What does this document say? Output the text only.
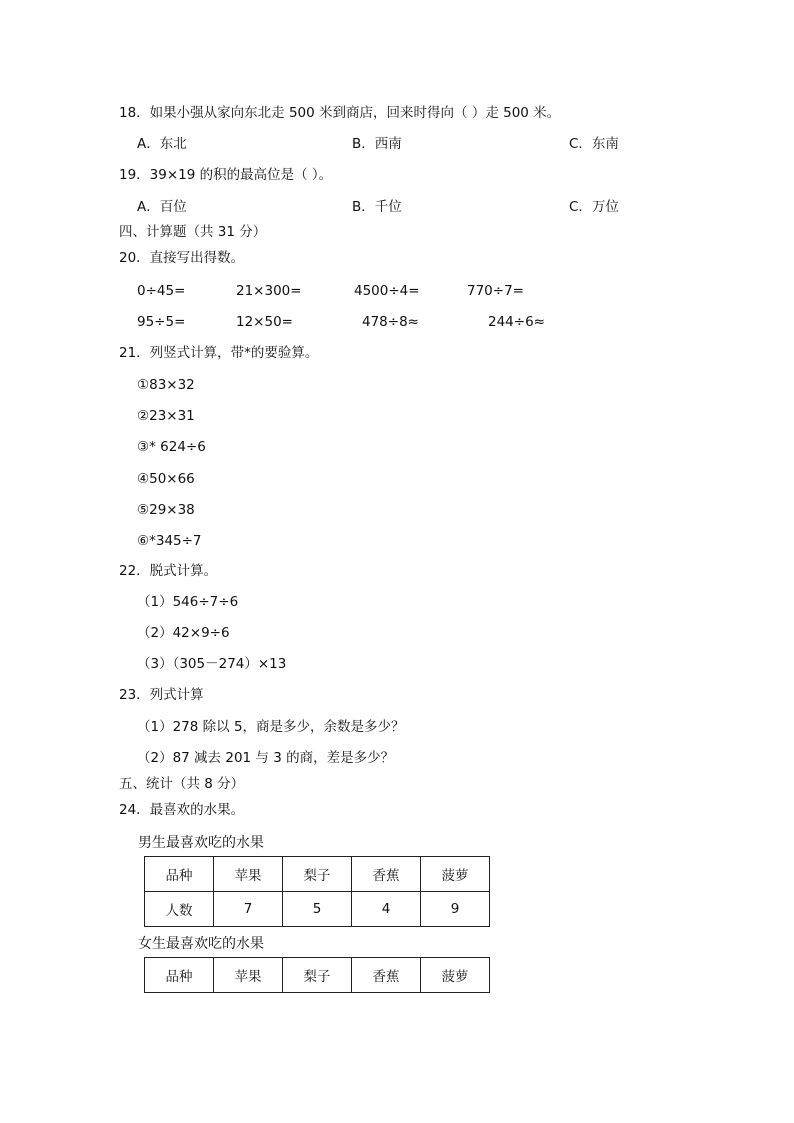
18．如果小强从家向东北走 500 米到商店，回来时得向（ ）走 500 米。
A．东北	B．西南	C．东南
19．39×19 的积的最高位是（ ）。
A．百位	B．千位	C．万位
四、计算题（共 31 分）
20．直接写出得数。
0÷45=	21×300=	4500÷4=	770÷7=
95÷5=	12×50=	478÷8≈	244÷6≈
21．列竖式计算，带*的要验算。
①83×32
②23×31
③* 624÷6
④50×66
⑤29×38
⑥*345÷7
22．脱式计算。
（1）546÷7÷6
（2）42×9÷6
（3）（305－274）×13
23．列式计算
（1）278 除以 5，商是多少，余数是多少？
（2）87 减去 201 与 3 的商，差是多少？
五、统计（共 8 分）
24．最喜欢的水果。
男生最喜欢吃的水果
品种	苹果	梨子	香蕉	菠萝
人数	7	5	4	9
女生最喜欢吃的水果
品种	苹果	梨子	香蕉	菠萝
